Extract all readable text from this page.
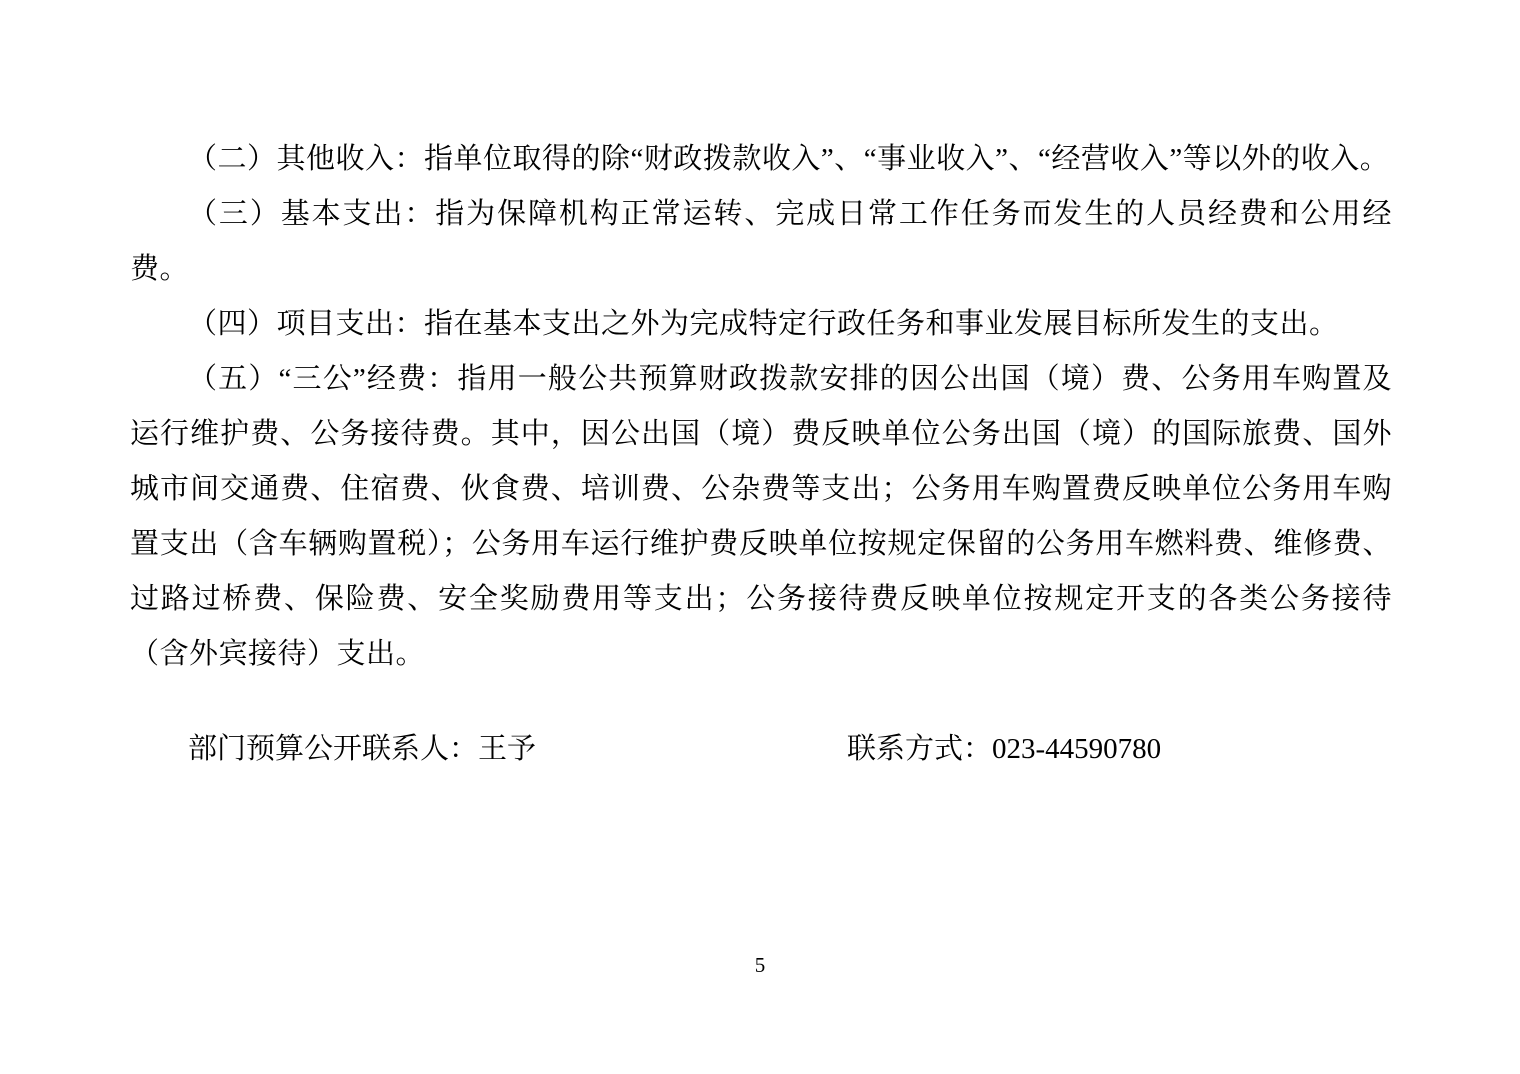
（二）其他收入：指单位取得的除“财政拨款收入”、“事业收入”、“经营收入”等以外的收入。

（三）基本支出：指为保障机构正常运转、完成日常工作任务而发生的人员经费和公用经费。

（四）项目支出：指在基本支出之外为完成特定行政任务和事业发展目标所发生的支出。

（五）“三公”经费：指用一般公共预算财政拨款安排的因公出国（境）费、公务用车购置及运行维护费、公务接待费。其中，因公出国（境）费反映单位公务出国（境）的国际旅费、国外城市间交通费、住宿费、伙食费、培训费、公杂费等支出；公务用车购置费反映单位公务用车购置支出（含车辆购置税）；公务用车运行维护费反映单位按规定保留的公务用车燃料费、维修费、过路过桥费、保险费、安全奖励费用等支出；公务接待费反映单位按规定开支的各类公务接待（含外宾接待）支出。

部门预算公开联系人：王予	联系方式：023-44590780
5
